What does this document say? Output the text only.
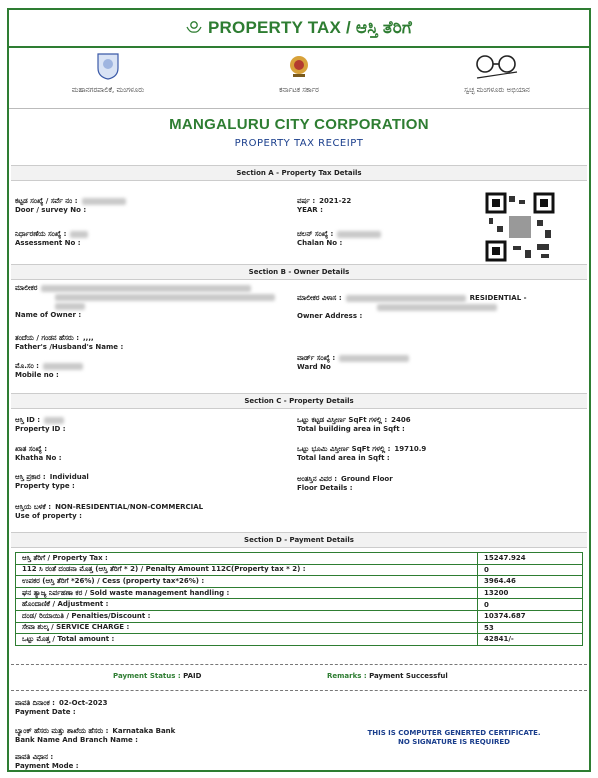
PROPERTY TAX / ಆಸ್ತಿ ತೆರಿಗೆ
ಮಹಾನಗರಪಾಲಿಕೆ, ಮಂಗಳೂರು	ಕರ್ನಾಟಕ ಸರ್ಕಾರ	ಸ್ವಚ್ಛ ಮಂಗಳೂರು ಅಭಿಯಾನ
MANGALURU CITY CORPORATION
PROPERTY TAX RECEIPT
Section A - Property Tax Details
ಕಟ್ಟಡ ಸಂಖ್ಯೆ / ಸರ್ವೆ ನಂ :
Door / survey No :
ವರ್ಷ : 2021-22
YEAR :
ನಿರ್ಧಾರಣೆಯ ಸಂಖ್ಯೆ :
Assessment No :
ಚಲನ್ ಸಂಖ್ಯೆ :
Chalan No :
Section B - Owner Details
ಮಾಲೀಕರ

Name of Owner :
ಮಾಲೀಕರ ವಿಳಾಸ :	RESIDENTIAL -

Owner Address :
ತಂದೆಯ / ಗಂಡನ ಹೆಸರು : ,,,,
Father's /Husband's Name :
ವಾರ್ಡ್ ಸಂಖ್ಯೆ :
Ward No
ಮೊ.ಸಂ :
Mobile no :
Section C - Property Details
ಆಸ್ತಿ ID :
Property ID :
ಒಟ್ಟು ಕಟ್ಟಡ ವಿಸ್ತೀರ್ಣ SqFt ಗಳಲ್ಲಿ : 2406
Total building area in Sqft :
ಖಾತ ಸಂಖ್ಯೆ :
Khatha No :
ಒಟ್ಟು ಭೂಮಿ ವಿಸ್ತೀರ್ಣ SqFt ಗಳಲ್ಲಿ : 19710.9
Total land area in Sqft :
ಆಸ್ತಿ ಪ್ರಕಾರ : Individual
Property type :
ಅಂತಸ್ತಿನ ವಿವರ : Ground Floor
Floor Details :
ಆಸ್ತಿಯ ಬಳಕೆ : NON-RESIDENTIAL/NON-COMMERCIAL
Use of property :
Section D - Payment Details
ಆಸ್ತಿ ತೆರಿಗೆ / Property Tax :	15247.924
112 ಸಿ ರಂತೆ ದಂಡನಾ ಮೊತ್ತ (ಆಸ್ತಿ ತೆರಿಗೆ * 2) / Penalty Amount 112C(Property tax * 2) :	0
ಉಪಕರ (ಆಸ್ತಿ ತೆರಿಗೆ *26%) / Cess (property tax*26%) :	3964.46
ಘನ ತ್ಯಾಜ್ಯ ನಿರ್ವಹಣಾ ಕರ / Sold waste management handling :	13200
ಹೊಂದಾಣಿಕೆ / Adjustment :	0
ದಂಡ/ ರಿಯಾಯಿತಿ / Penalties/Discount :	10374.687
ಸೇವಾ ಶುಲ್ಕ / SERVICE CHARGE :	53
ಒಟ್ಟು ಮೊತ್ತ / Total amount :	42841/-
Payment Status : PAID	Remarks : Payment Successful
ಪಾವತಿ ದಿನಾಂಕ : 02-Oct-2023
Payment Date :
ಬ್ಯಾಂಕ್ ಹೆಸರು ಮತ್ತು ಶಾಖೆಯ ಹೆಸರು : Karnataka Bank
Bank Name And Branch Name :
ಪಾವತಿ ವಿಧಾನ :
Payment Mode :
THIS IS COMPUTER GENERTED CERTIFICATE.
NO SIGNATURE IS REQUIRED
